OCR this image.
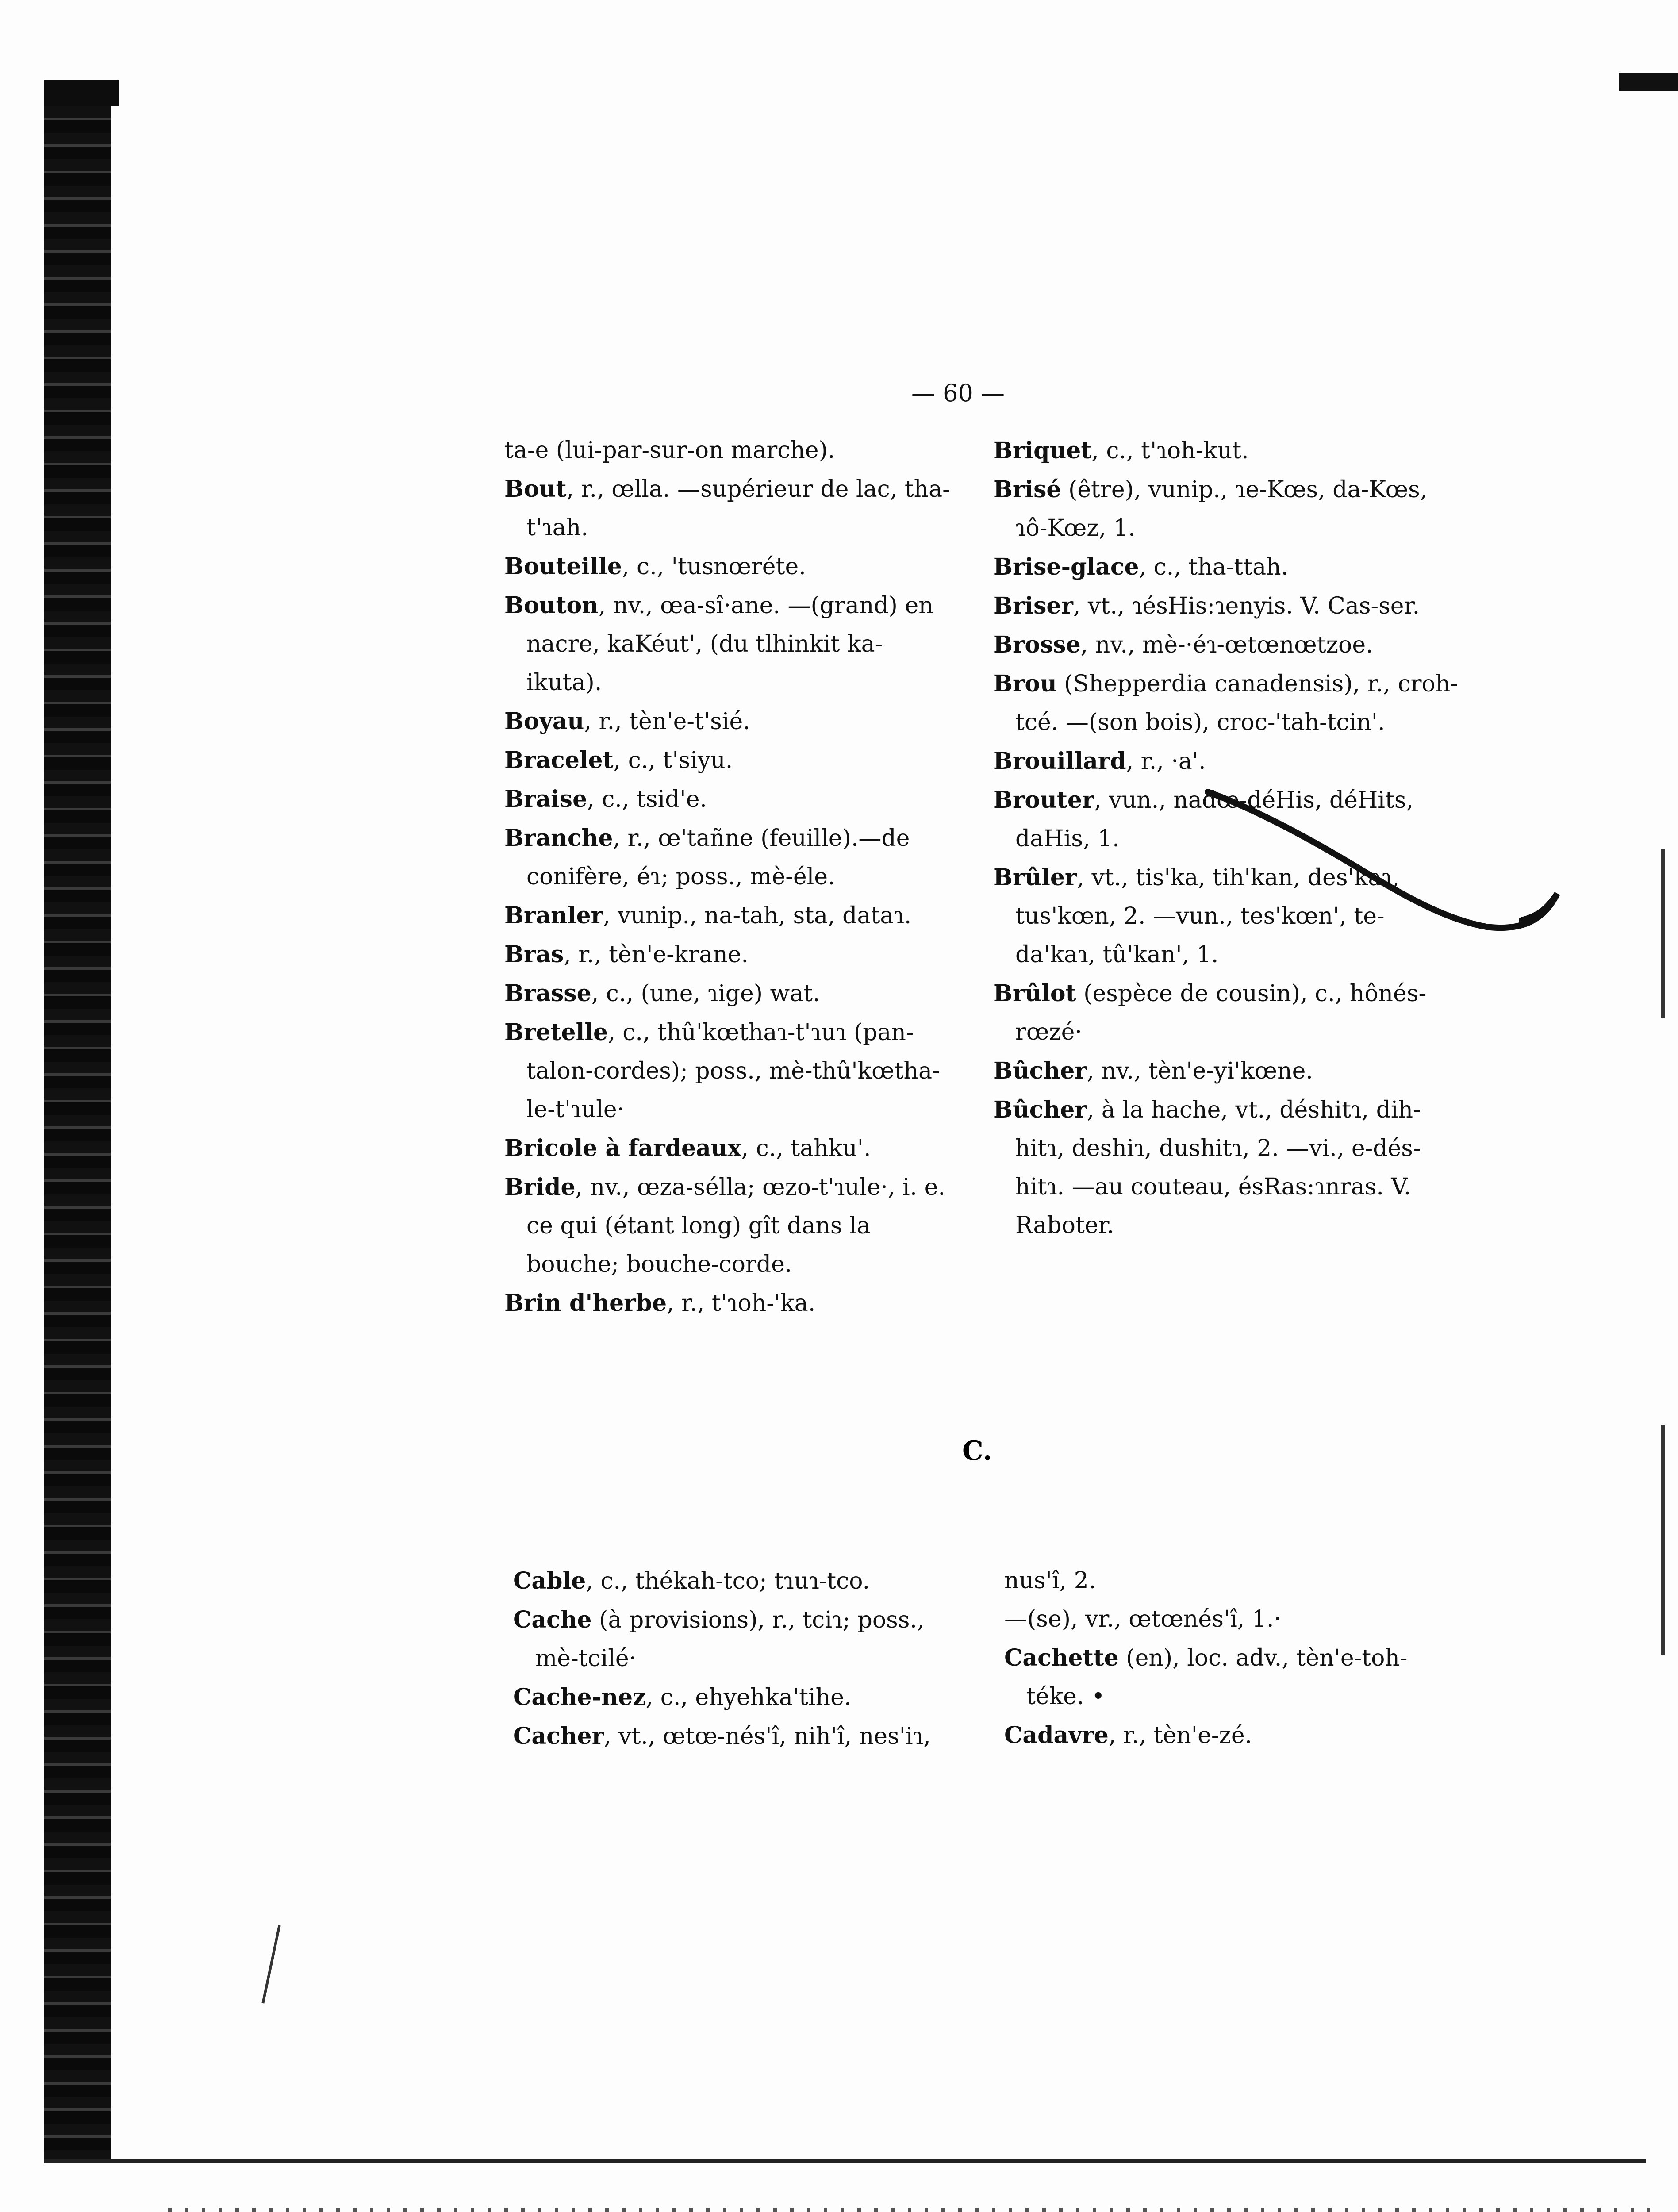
— 60 —

ta-e (lui-par-sur-on marche).

Bout, r., œlla. —supérieur de lac, tha-t'ɿah.

Bouteille, c., 'tusnœréte.

Bouton, nv., œa-sî·ane. —(grand) en nacre, kaKéut', (du tlhinkit ka-ikuta).

Boyau, r., tèn'e-t'sié.

Bracelet, c., t'siyu.

Braise, c., tsid'e.

Branche, r., œ'tañne (feuille).—de conifère, éɿ; poss., mè-éle.

Branler, vunip., na-tah, sta, dataɿ.

Bras, r., tèn'e-krane.

Brasse, c., (une, ɿige) wat.

Bretelle, c., thû'kœthaɿ-t'ɿuɿ (pan-talon-cordes); poss., mè-thû'kœtha-le-t'ɿule·

Bricole à fardeaux, c., tahku'.

Bride, nv., œza-sélla; œzo-t'ɿule·, i. e. ce qui (étant long) gît dans la bouche; bouche-corde.

Brin d'herbe, r., t'ɿoh-'ka.

Briquet, c., t'ɿoh-kut.

Brisé (être), vunip., ɿe-Kœs, da-Kœs, ɿô-Kœz, 1.

Brise-glace, c., tha-ttah.

Briser, vt., ɿésHis:ɿenyis. V. Cas-ser.

Brosse, nv., mè-·éɿ-œtœnœtzoe.

Brou (Shepperdia canadensis), r., croh-tcé. —(son bois), croc-'tah-tcin'.

Brouillard, r., ·a'.

Brouter, vun., nadœ-déHis, déHits, daHis, 1.

Brûler, vt., tis'ka, tih'kan, des'kaɿ, tus'kœn, 2. —vun., tes'kœn', te-da'kaɿ, tû'kan', 1.

Brûlot (espèce de cousin), c., hônés-rœzé·

Bûcher, nv., tèn'e-yi'kœne.

Bûcher, à la hache, vt., déshitɿ, dih-hitɿ, deshiɿ, dushitɿ, 2. —vi., e-dés-hitɿ. —au couteau, ésRas:ɿnras. V. Raboter.

C.

Cable, c., thékah-tco; tɿuɿ-tco.

Cache (à provisions), r., tciɿ; poss., mè-tcilé·

Cache-nez, c., ehyehka'tihe.

Cacher, vt., œtœ-nés'î, nih'î, nes'iɿ,

nus'î, 2.

—(se), vr., œtœnés'î, 1.·

Cachette (en), loc. adv., tèn'e-toh-téke. •

Cadavre, r., tèn'e-zé.
